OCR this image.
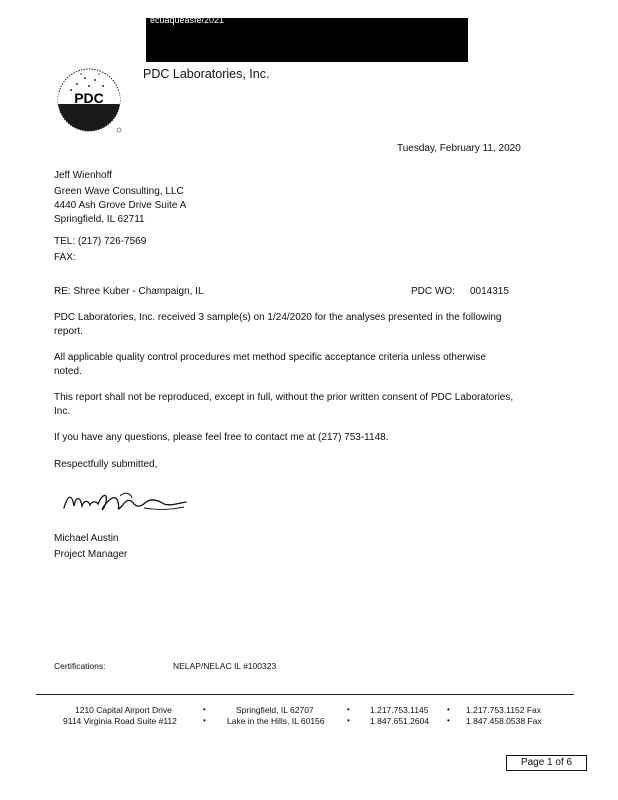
ecuaqueasfe/2021
PDC
PDC Laboratories, Inc.
Tuesday, February 11, 2020
Jeff Wienhoff
Green Wave Consulting, LLC
4440 Ash Grove Drive Suite A
Springfield, IL 62711
TEL: (217) 726-7569
FAX:
RE: Shree Kuber - Champaign, IL	PDC WO: 0014315
PDC Laboratories, Inc. received 3 sample(s) on 1/24/2020 for the analyses presented in the following report.
All applicable quality control procedures met method specific acceptance criteria unless otherwise noted.
This report shall not be reproduced, except in full, without the prior written consent of PDC Laboratories, Inc.
If you have any questions, please feel free to contact me at (217) 753-1148.
Respectfully submitted,
Michael Austin
Project Manager
Certifications:	NELAP/NELAC IL #100323
1210 Capital Airport Drive	•	Springfield, IL 62707	• 1.217.753.1145 • 1.217.753.1152 Fax
9114 Virginia Road Suite #112	• Lake in the Hills, IL 60156	• 1.847.651.2604 • 1.847.458.0538 Fax
Page 1 of 6
